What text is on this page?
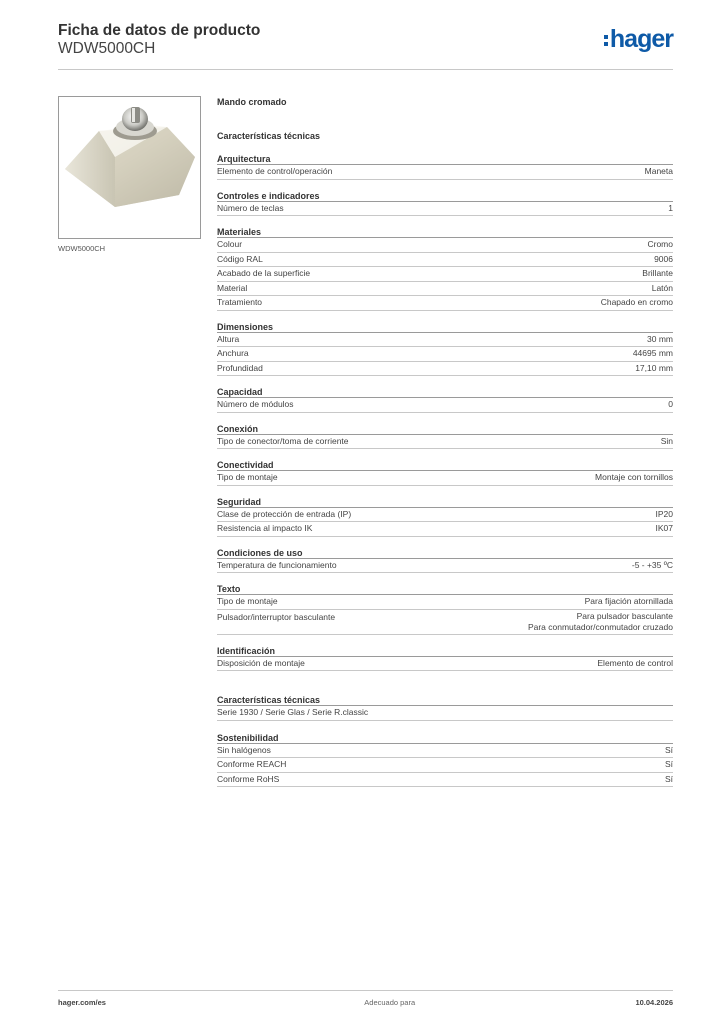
Ficha de datos de producto
WDW5000CH	hager
WDW5000CH
Mando cromado
Características técnicas
Arquitectura
Elemento de control/operación	Maneta
Controles e indicadores
Número de teclas	1
Materiales
Colour	Cromo
Código RAL	9006
Acabado de la superficie	Brillante
Material	Latón
Tratamiento	Chapado en cromo
Dimensiones
Altura	30 mm
Anchura	44695 mm
Profundidad	17,10 mm
Capacidad
Número de módulos	0
Conexión
Tipo de conector/toma de corriente	Sin
Conectividad
Tipo de montaje	Montaje con tornillos
Seguridad
Clase de protección de entrada (IP)	IP20
Resistencia al impacto IK	IK07
Condiciones de uso
Temperatura de funcionamiento	-5 - +35 ºC
Texto
Tipo de montaje	Para fijación atornillada
Pulsador/interruptor basculante	Para pulsador basculante
Para conmutador/conmutador cruzado
Identificación
Disposición de montaje	Elemento de control
Características técnicas
Serie 1930 / Serie Glas / Serie R.classic
Sostenibilidad
Sin halógenos	Sí
Conforme REACH	Sí
Conforme RoHS	Sí
hager.com/es	Adecuado para	10.04.2026
